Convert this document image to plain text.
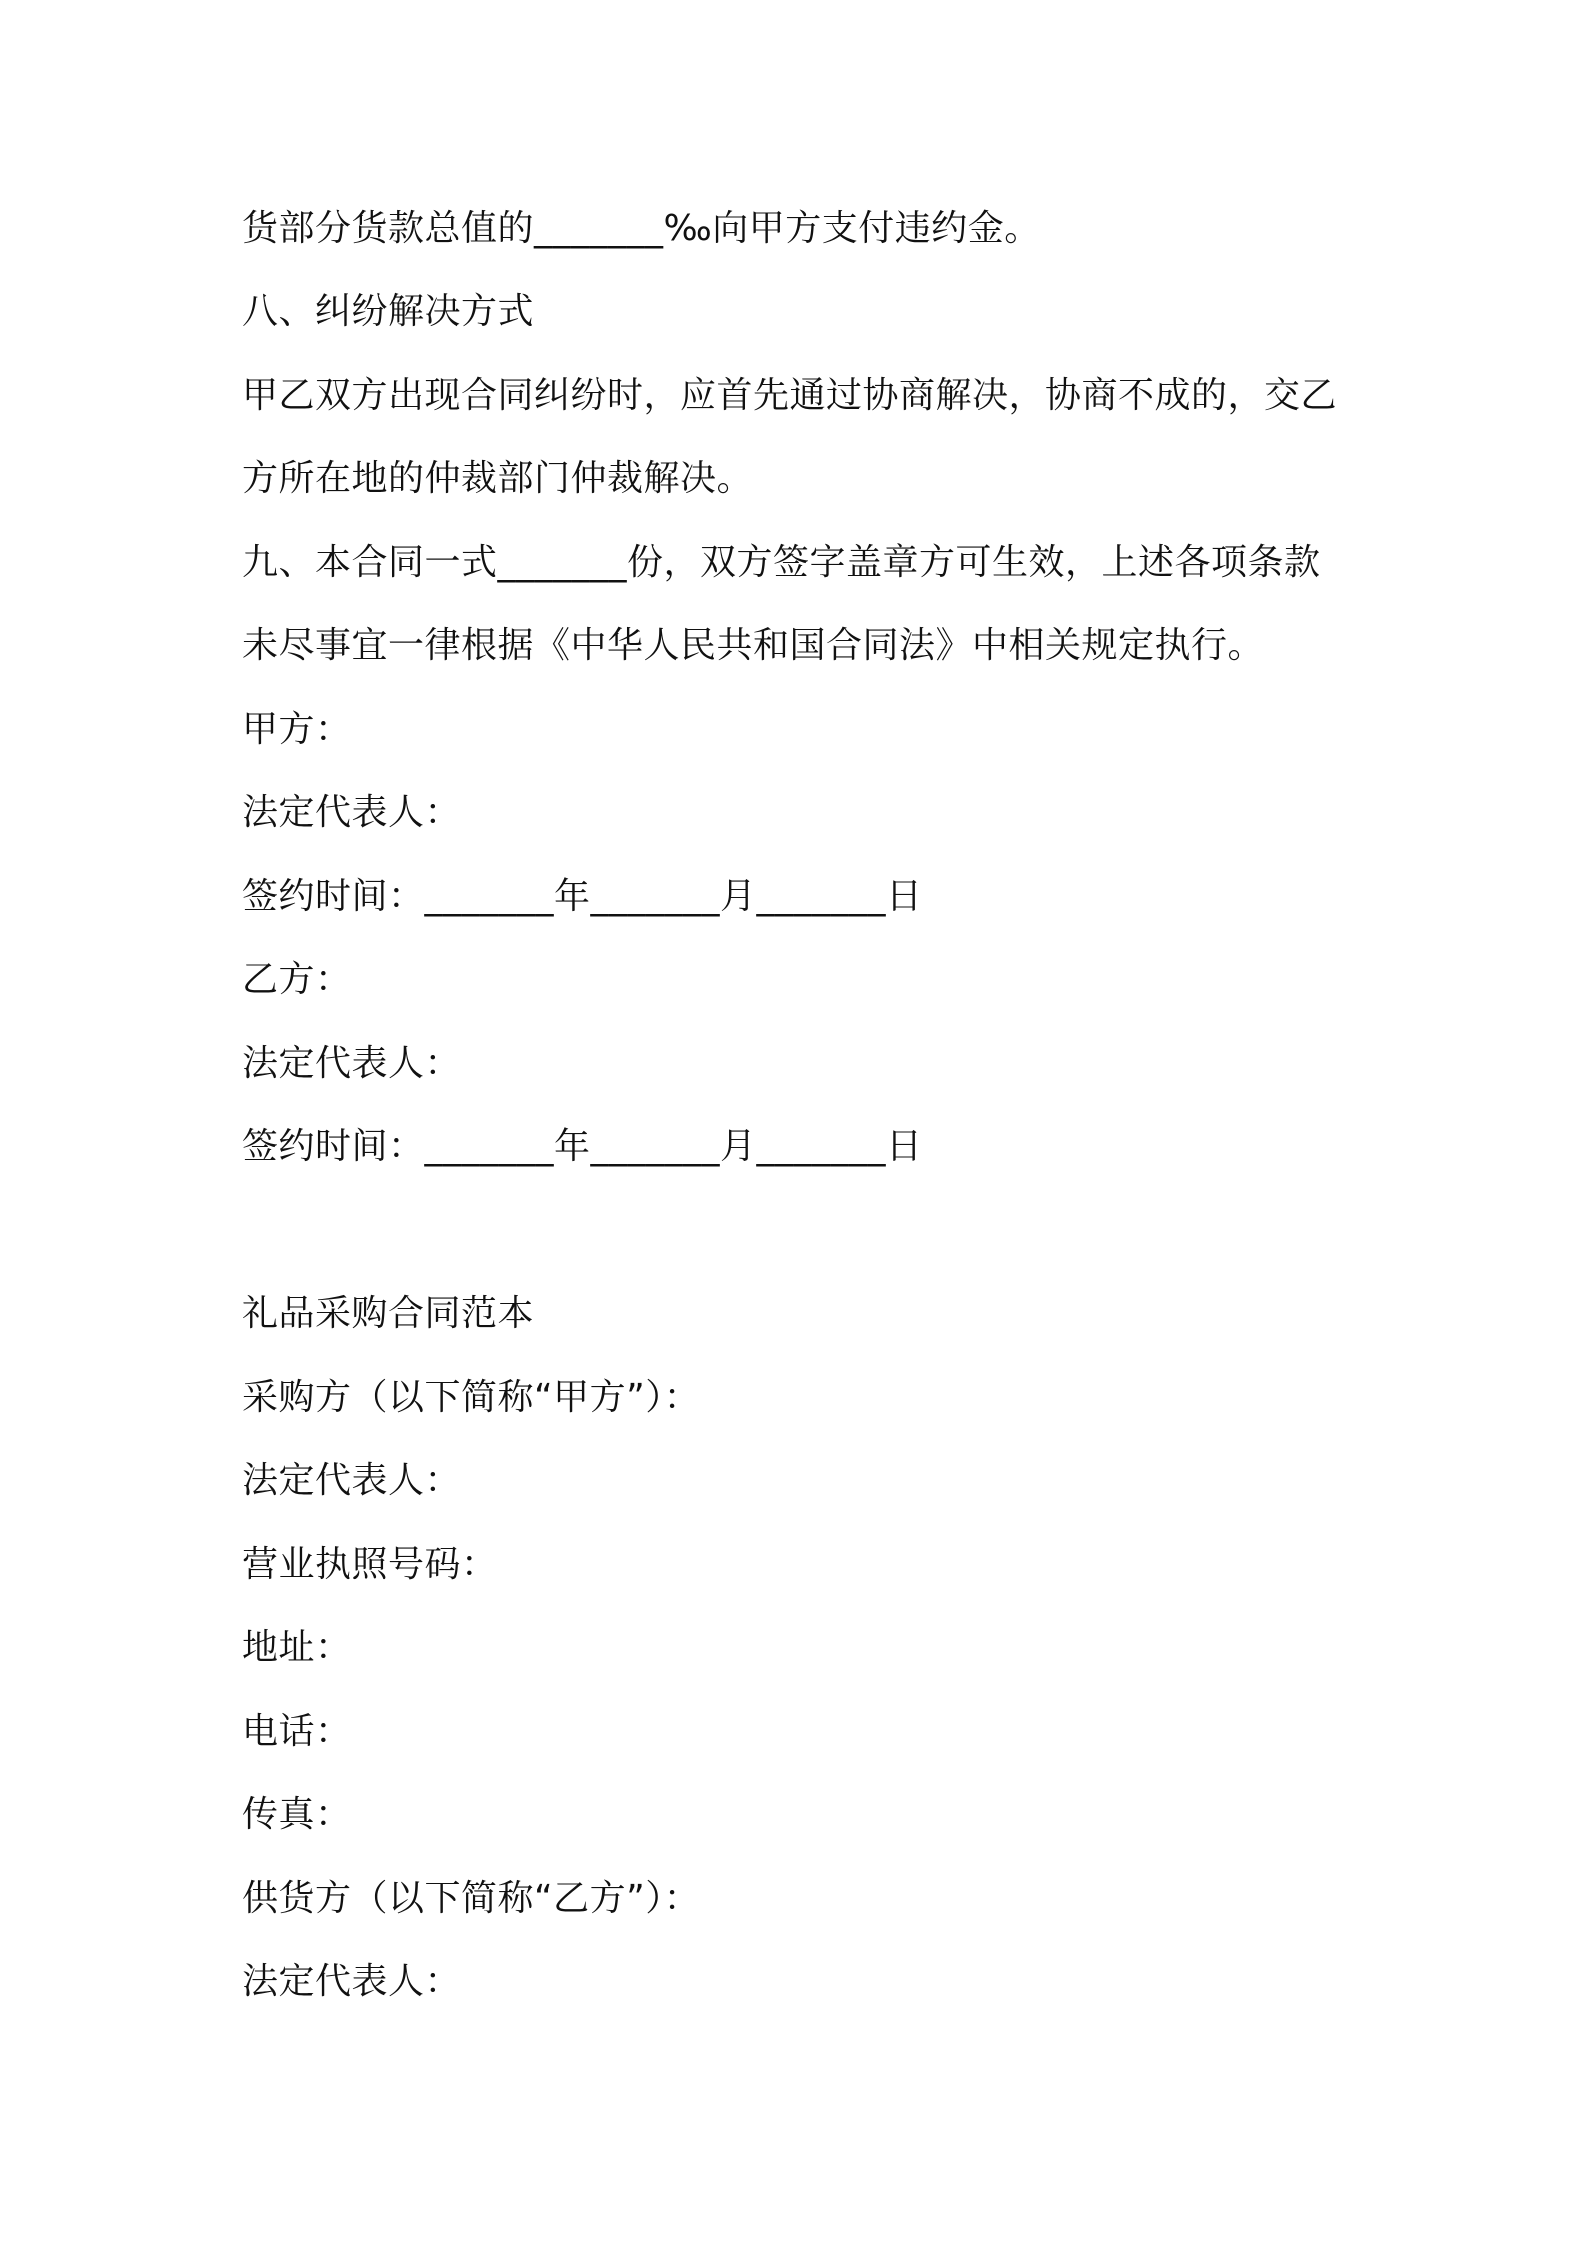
货部分货款总值的_______‰向甲方支付违约金。
八、纠纷解决方式
甲乙双方出现合同纠纷时，应首先通过协商解决，协商不成的，交乙
方所在地的仲裁部门仲裁解决。
九、本合同一式_______份，双方签字盖章方可生效，上述各项条款
未尽事宜一律根据《中华人民共和国合同法》中相关规定执行。
甲方：
法定代表人：
签约时间：_______年_______月_______日
乙方：
法定代表人：
签约时间：_______年_______月_______日
礼品采购合同范本
采购方（以下简称“甲方”）：
法定代表人：
营业执照号码：
地址：
电话：
传真：
供货方（以下简称“乙方”）：
法定代表人：
